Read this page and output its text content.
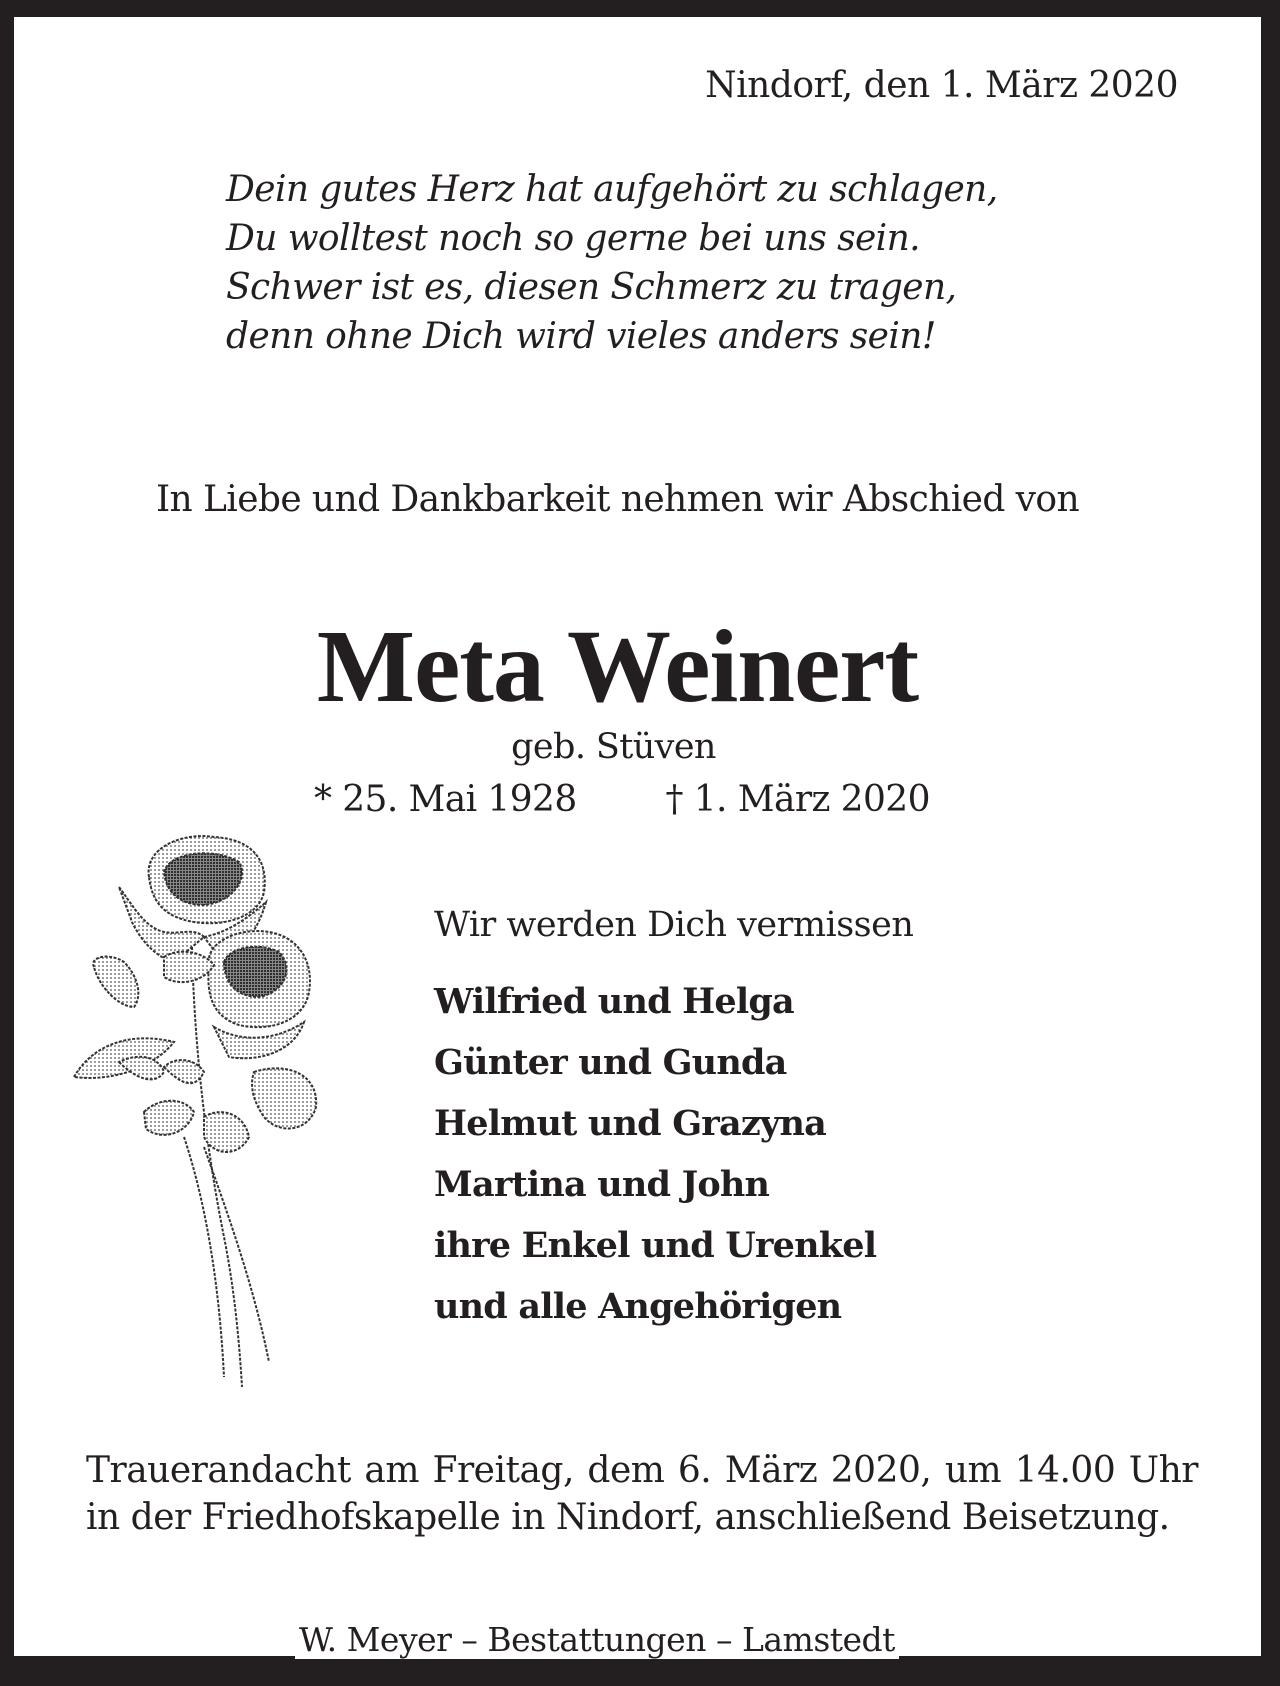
Nindorf, den 1. März 2020
Dein gutes Herz hat aufgehört zu schlagen,
Du wolltest noch so gerne bei uns sein.
Schwer ist es, diesen Schmerz zu tragen,
denn ohne Dich wird vieles anders sein!
In Liebe und Dankbarkeit nehmen wir Abschied von
Meta Weinert
geb. Stüven
* 25. Mai 1928 † 1. März 2020
Wir werden Dich vermissen
Wilfried und Helga
Günter und Gunda
Helmut und Grazyna
Martina und John
ihre Enkel und Urenkel
und alle Angehörigen
Trauerandacht am Freitag, dem 6. März 2020, um 14.00 Uhr in der Friedhofskapelle in Nindorf, anschließend Beisetzung.
W. Meyer – Bestattungen – Lamstedt
